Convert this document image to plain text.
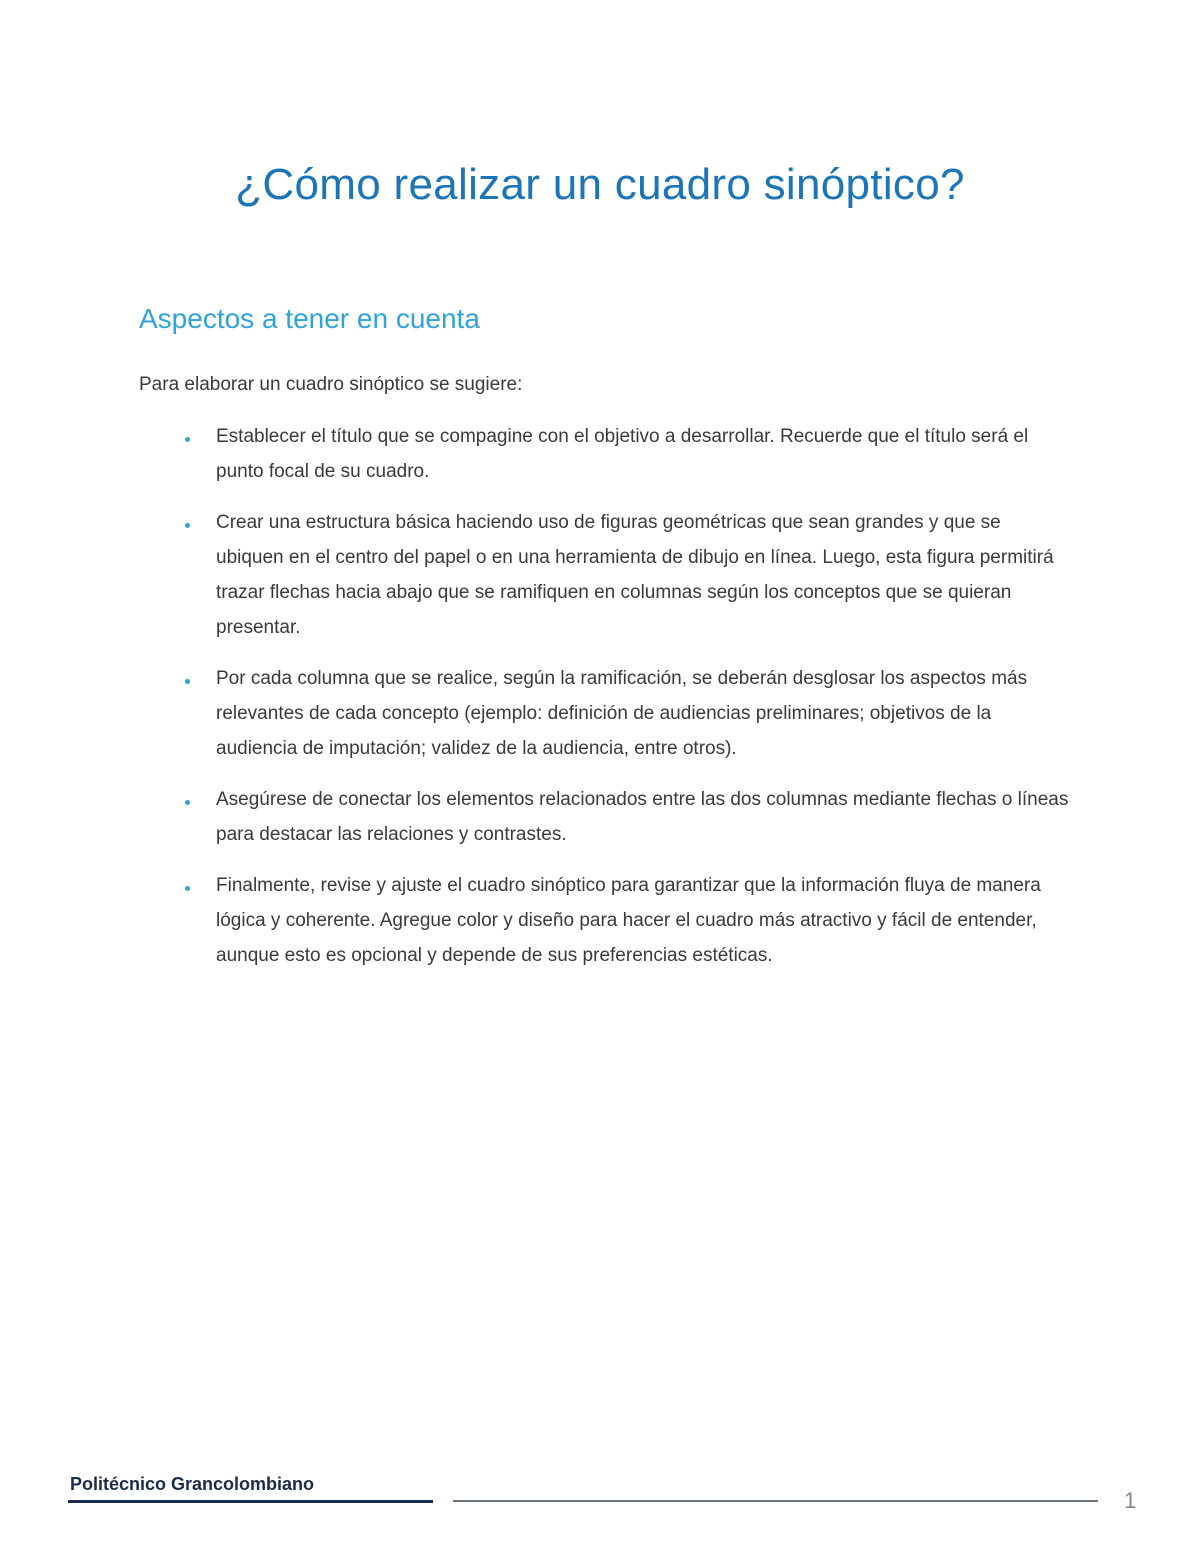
¿Cómo realizar un cuadro sinóptico?
Aspectos a tener en cuenta

Para elaborar un cuadro sinóptico se sugiere:

Establecer el título que se compagine con el objetivo a desarrollar. Recuerde que el título será el punto focal de su cuadro.
Crear una estructura básica haciendo uso de figuras geométricas que sean grandes y que se ubiquen en el centro del papel o en una herramienta de dibujo en línea. Luego, esta figura permitirá trazar flechas hacia abajo que se ramifiquen en columnas según los conceptos que se quieran presentar.
Por cada columna que se realice, según la ramificación, se deberán desglosar los aspectos más relevantes de cada concepto (ejemplo: definición de audiencias preliminares; objetivos de la audiencia de imputación; validez de la audiencia, entre otros).
Asegúrese de conectar los elementos relacionados entre las dos columnas mediante flechas o líneas para destacar las relaciones y contrastes.
Finalmente, revise y ajuste el cuadro sinóptico para garantizar que la información fluya de manera lógica y coherente. Agregue color y diseño para hacer el cuadro más atractivo y fácil de entender, aunque esto es opcional y depende de sus preferencias estéticas.
Politécnico Grancolombiano
1
